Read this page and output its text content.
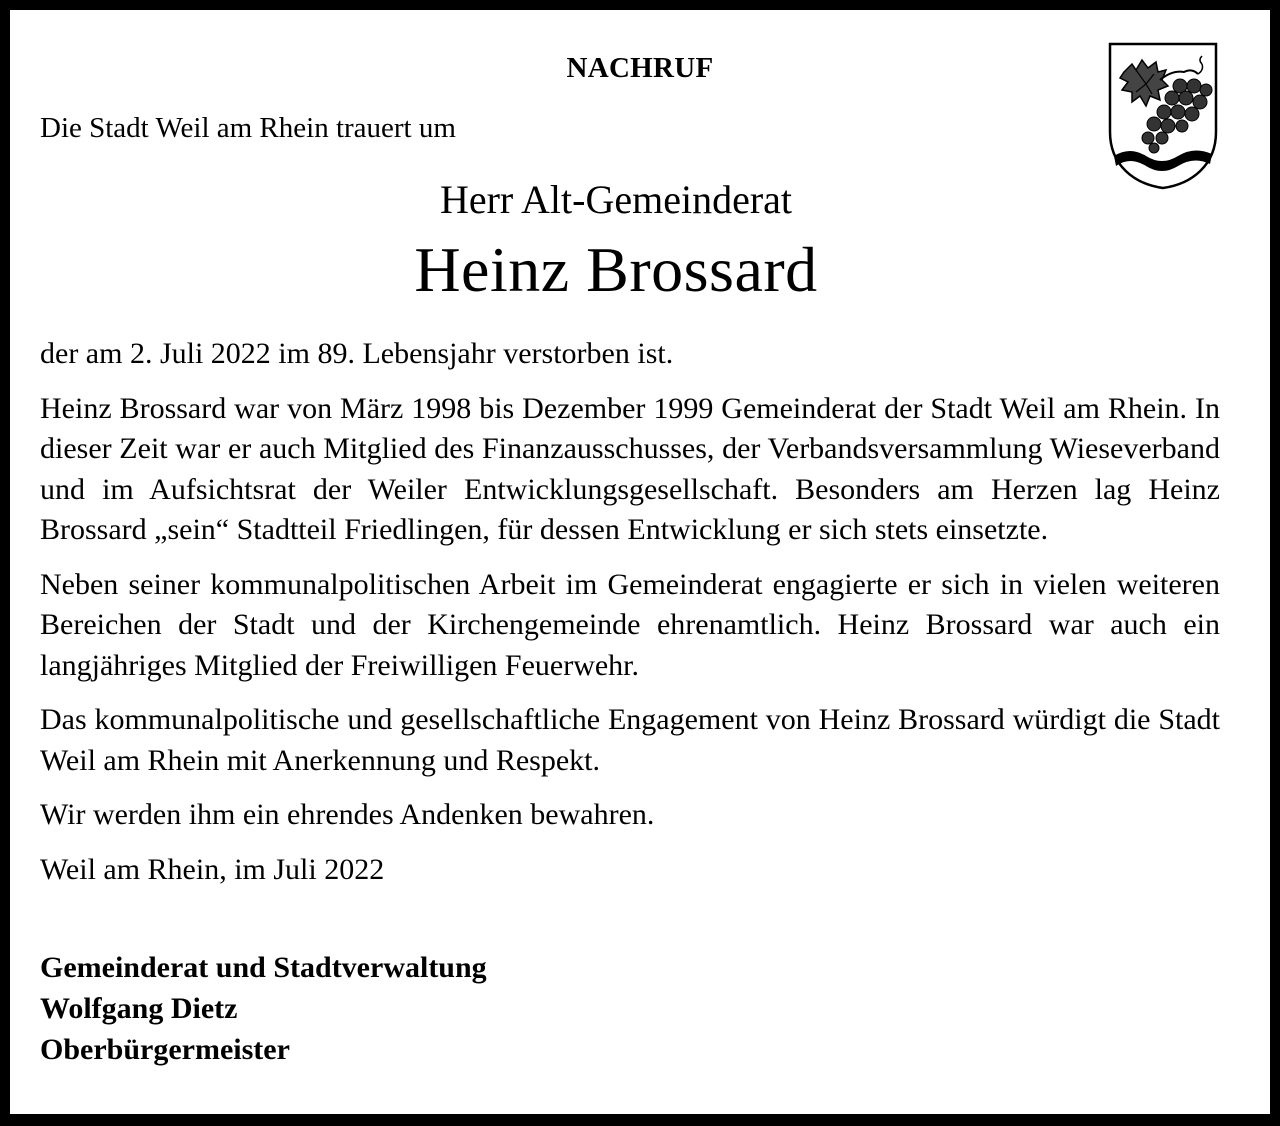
NACHRUF
Die Stadt Weil am Rhein trauert um
Herr Alt-Gemeinderat
Heinz Brossard

der am 2. Juli 2022 im 89. Lebensjahr verstorben ist.

Heinz Brossard war von März 1998 bis Dezember 1999 Gemeinderat der Stadt Weil am Rhein. In dieser Zeit war er auch Mitglied des Finanzausschusses, der Verbandsversammlung Wieseverband und im Aufsichtsrat der Weiler Entwicklungsgesellschaft. Besonders am Herzen lag Heinz Brossard „sein“ Stadtteil Friedlingen, für dessen Entwicklung er sich stets einsetzte.

Neben seiner kommunalpolitischen Arbeit im Gemeinderat engagierte er sich in vielen weiteren Bereichen der Stadt und der Kirchengemeinde ehrenamtlich. Heinz Brossard war auch ein langjähriges Mitglied der Freiwilligen Feuerwehr.

Das kommunalpolitische und gesellschaftliche Engagement von Heinz Brossard würdigt die Stadt Weil am Rhein mit Anerkennung und Respekt.

Wir werden ihm ein ehrendes Andenken bewahren.

Weil am Rhein, im Juli 2022

Gemeinderat und Stadtverwaltung
Wolfgang Dietz
Oberbürgermeister
